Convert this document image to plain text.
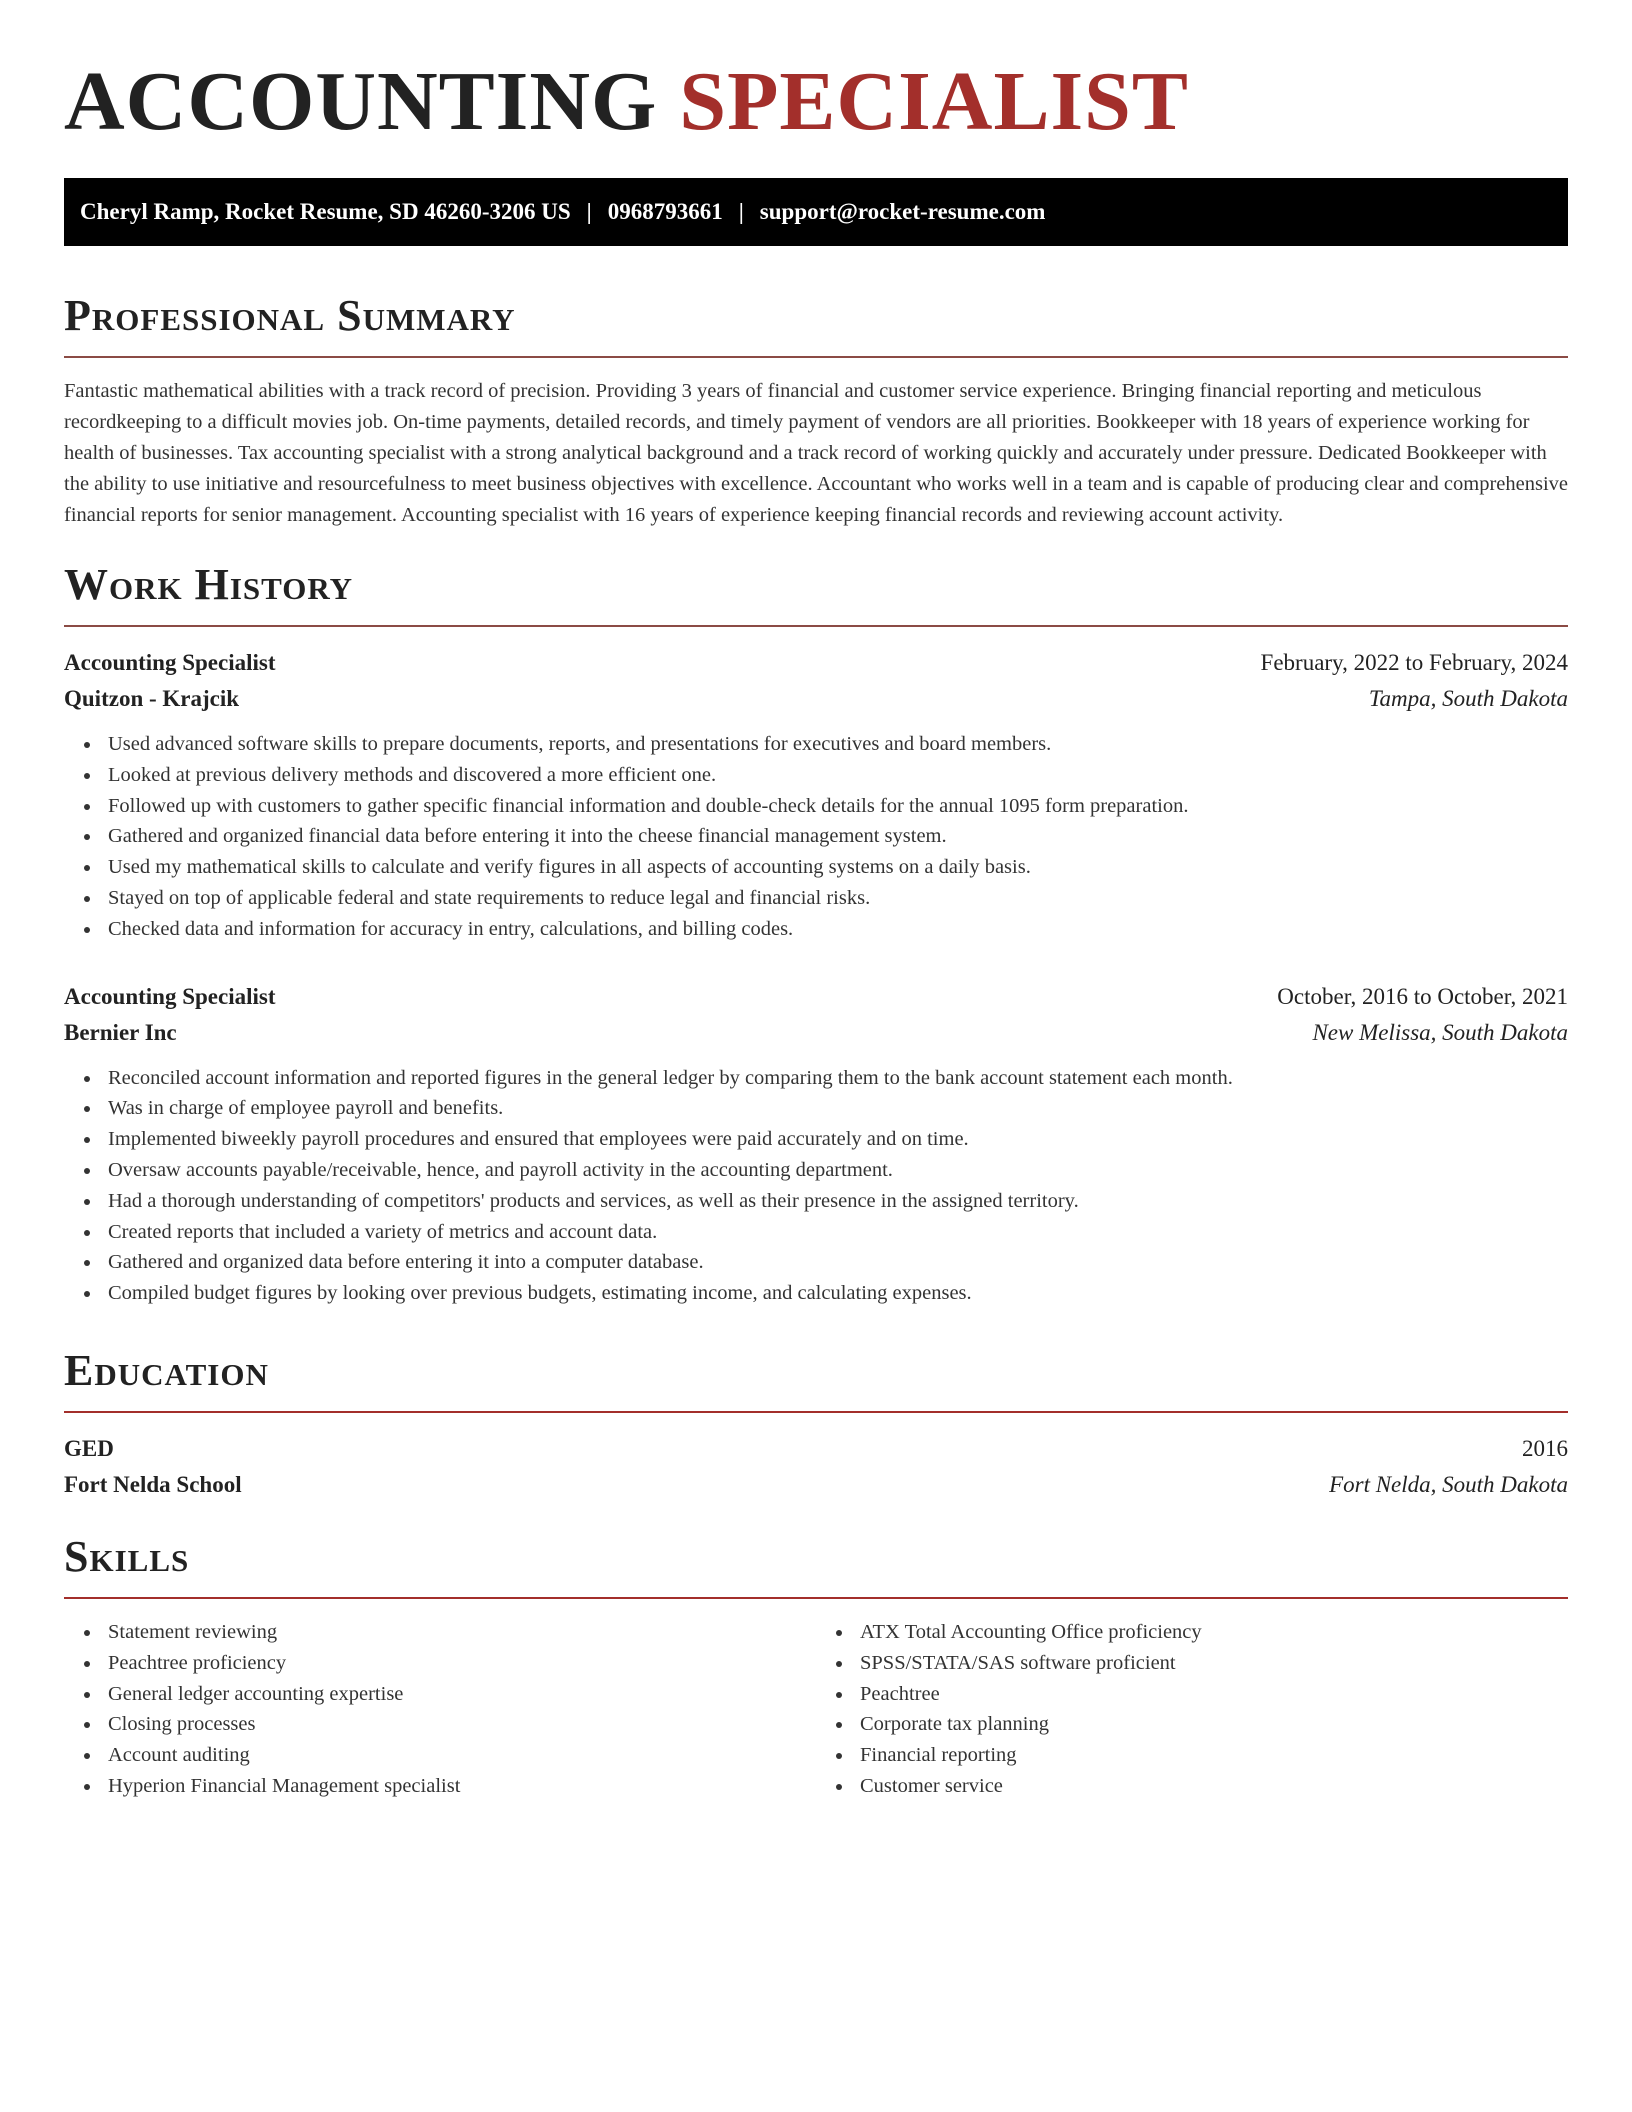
ACCOUNTING SPECIALIST
Cheryl Ramp, Rocket Resume, SD 46260-3206 US | 0968793661 | support@rocket-resume.com
Professional Summary

Fantastic mathematical abilities with a track record of precision. Providing 3 years of financial and customer service experience. Bringing financial reporting and meticulous recordkeeping to a difficult movies job. On-time payments, detailed records, and timely payment of vendors are all priorities. Bookkeeper with 18 years of experience working for health of businesses. Tax accounting specialist with a strong analytical background and a track record of working quickly and accurately under pressure. Dedicated Bookkeeper with the ability to use initiative and resourcefulness to meet business objectives with excellence. Accountant who works well in a team and is capable of producing clear and comprehensive financial reports for senior management. Accounting specialist with 16 years of experience keeping financial records and reviewing account activity.

Work History
Accounting Specialist	February, 2022 to February, 2024
Quitzon - Krajcik	Tampa, South Dakota
Used advanced software skills to prepare documents, reports, and presentations for executives and board members.
Looked at previous delivery methods and discovered a more efficient one.
Followed up with customers to gather specific financial information and double-check details for the annual 1095 form preparation.
Gathered and organized financial data before entering it into the cheese financial management system.
Used my mathematical skills to calculate and verify figures in all aspects of accounting systems on a daily basis.
Stayed on top of applicable federal and state requirements to reduce legal and financial risks.
Checked data and information for accuracy in entry, calculations, and billing codes.
Accounting Specialist	October, 2016 to October, 2021
Bernier Inc	New Melissa, South Dakota
Reconciled account information and reported figures in the general ledger by comparing them to the bank account statement each month.
Was in charge of employee payroll and benefits.
Implemented biweekly payroll procedures and ensured that employees were paid accurately and on time.
Oversaw accounts payable/receivable, hence, and payroll activity in the accounting department.
Had a thorough understanding of competitors' products and services, as well as their presence in the assigned territory.
Created reports that included a variety of metrics and account data.
Gathered and organized data before entering it into a computer database.
Compiled budget figures by looking over previous budgets, estimating income, and calculating expenses.
Education
GED	2016
Fort Nelda School	Fort Nelda, South Dakota
Skills
Statement reviewing
Peachtree proficiency
General ledger accounting expertise
Closing processes
Account auditing
Hyperion Financial Management specialist
ATX Total Accounting Office proficiency
SPSS/STATA/SAS software proficient
Peachtree
Corporate tax planning
Financial reporting
Customer service
